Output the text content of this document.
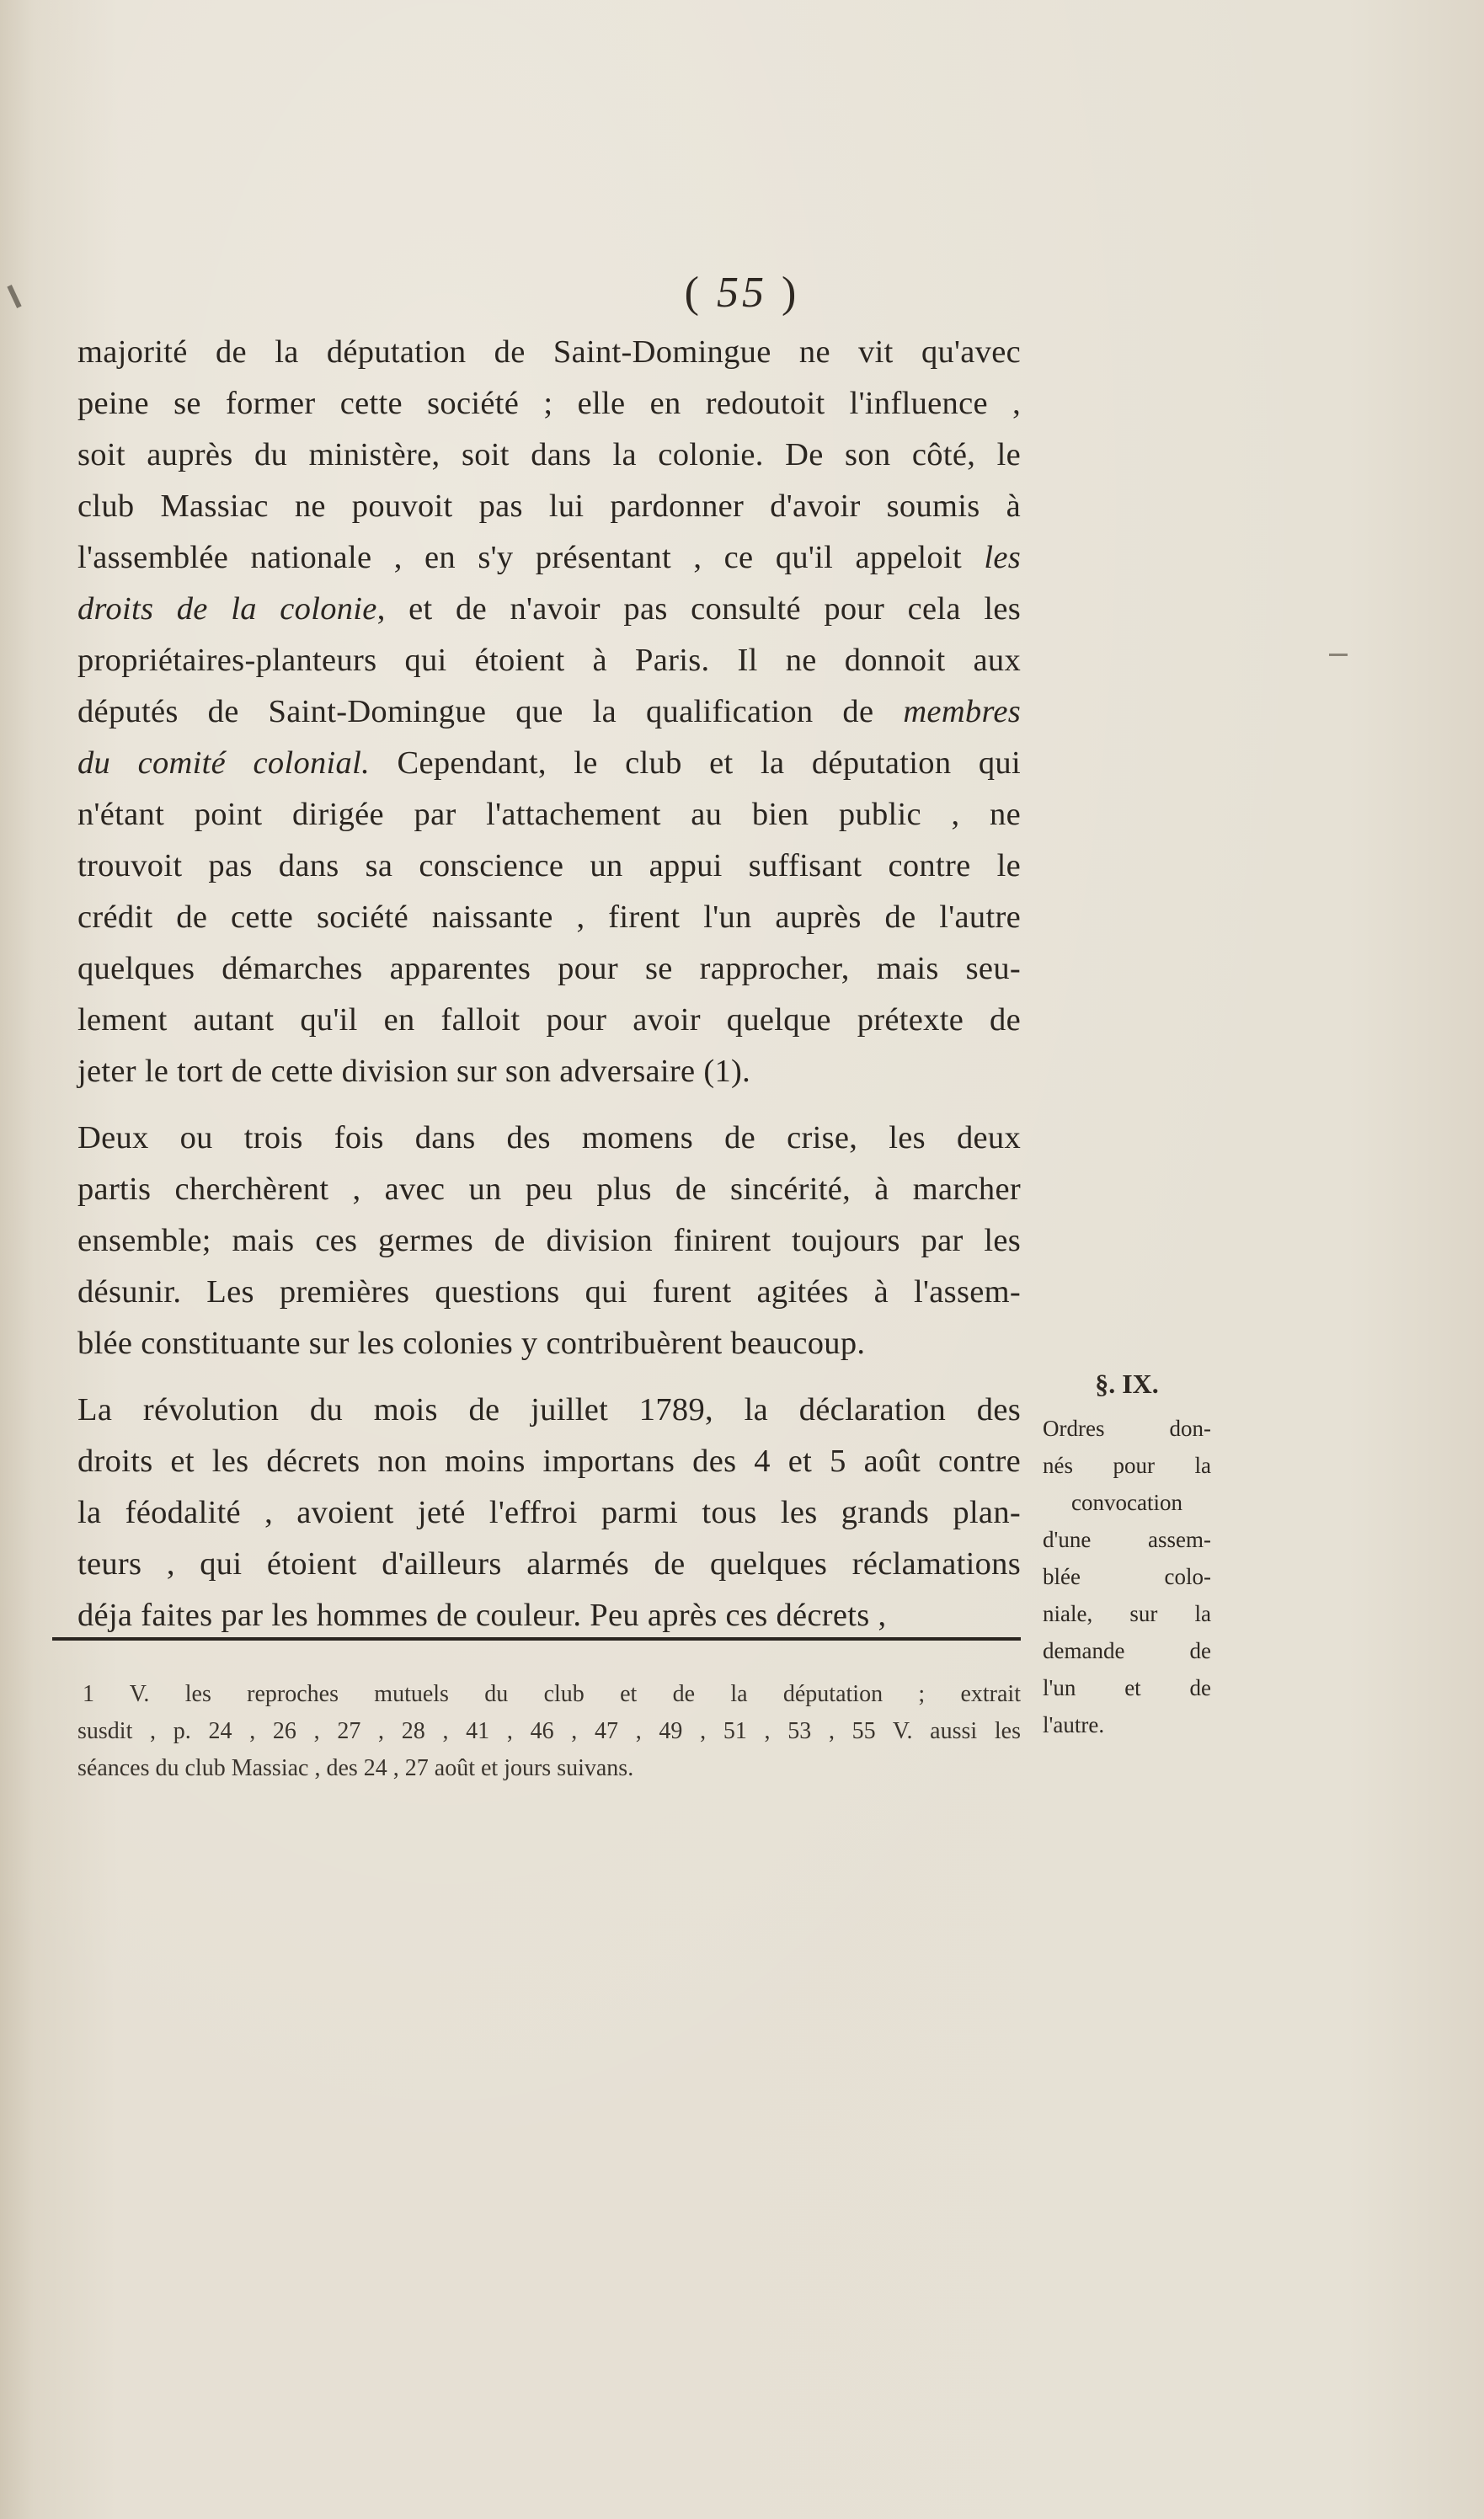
( 55 )
majorité de la députation de Saint-Domingue ne vit qu'avec
peine se former cette société ; elle en redoutoit l'influence ,
soit auprès du ministère, soit dans la colonie. De son côté, le
club Massiac ne pouvoit pas lui pardonner d'avoir soumis à
l'assemblée nationale , en s'y présentant , ce qu'il appeloit les
droits de la colonie, et de n'avoir pas consulté pour cela les
propriétaires-planteurs qui étoient à Paris. Il ne donnoit aux
députés de Saint-Domingue que la qualification de membres
du comité colonial. Cependant, le club et la députation qui
n'étant point dirigée par l'attachement au bien public , ne
trouvoit pas dans sa conscience un appui suffisant contre le
crédit de cette société naissante , firent l'un auprès de l'autre
quelques démarches apparentes pour se rapprocher, mais seu-
lement autant qu'il en falloit pour avoir quelque prétexte de
jeter le tort de cette division sur son adversaire (1).
Deux ou trois fois dans des momens de crise, les deux
partis cherchèrent , avec un peu plus de sincérité, à marcher
ensemble; mais ces germes de division finirent toujours par les
désunir. Les premières questions qui furent agitées à l'assem-
blée constituante sur les colonies y contribuèrent beaucoup.
La révolution du mois de juillet 1789, la déclaration des
droits et les décrets non moins importans des 4 et 5 août contre
la féodalité , avoient jeté l'effroi parmi tous les grands plan-
teurs , qui étoient d'ailleurs alarmés de quelques réclamations
déja faites par les hommes de couleur. Peu après ces décrets ,
1 V. les reproches mutuels du club et de la députation ; extrait
susdit , p. 24 , 26 , 27 , 28 , 41 , 46 , 47 , 49 , 51 , 53 , 55 V. aussi les
séances du club Massiac , des 24 , 27 août et jours suivans.
§. IX.
Ordres don-
nés pour la
convocation
d'une assem-
blée colo-
niale, sur la
demande de
l'un et de
l'autre.
